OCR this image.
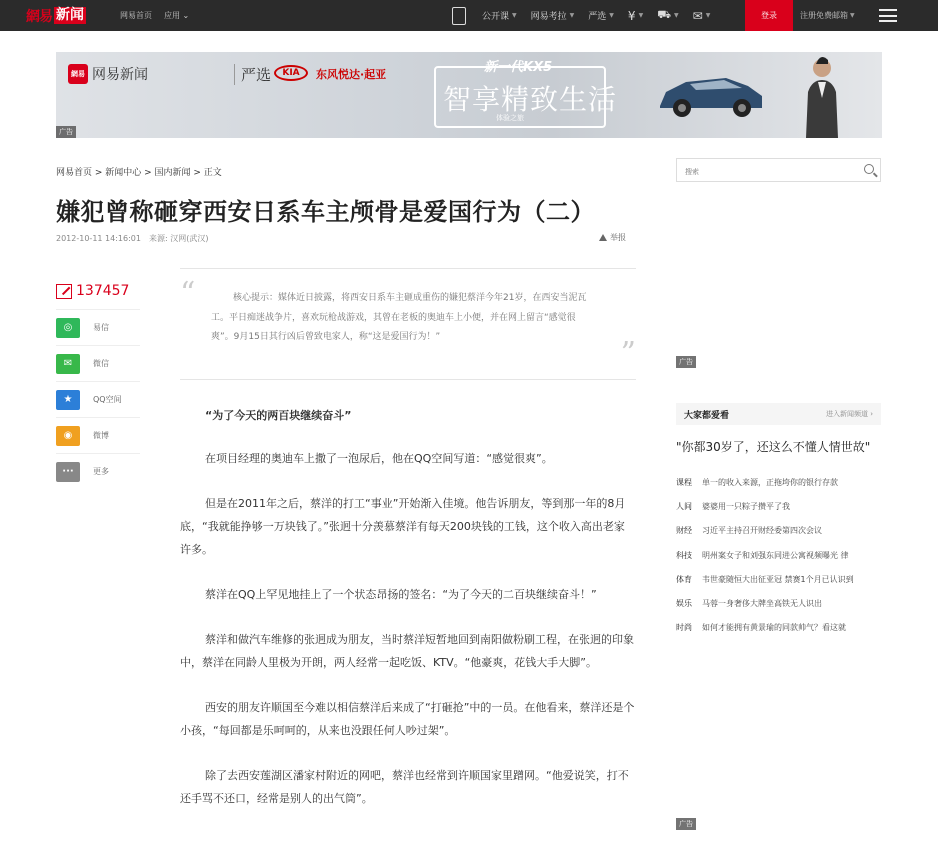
網易 新闻	网易首页 应用 ⌄	公开课 ▼ 网易考拉 ▼ 严选 ▼ ¥ ▼ ⛟ ▼ ✉ ▼	登录	注册免费邮箱 ▼
網易 网易新闻	严选	KIA	东风悦达·起亚	新一代KX5
智享精致生活
体验之旅
广告
网易首页 > 新闻中心 > 国内新闻 > 正文
嫌犯曾称砸穿西安日系车主颅骨是爱国行为（二）
2012-10-11 14:16:01　来源: 汉网(武汉)	举报
搜索
137457
◎	易信
✉	微信
★	QQ空间
◉	微博
···	更多
“	核心提示：媒体近日披露，将西安日系车主砸成重伤的嫌犯蔡洋今年21岁，在西安当泥瓦工。平日痴迷战争片，喜欢玩枪战游戏，其曾在老板的奥迪车上小便，并在网上留言“感觉很爽”。9月15日其行凶后曾致电家人，称“这是爱国行为！”	”

“为了今天的两百块继续奋斗”

在项目经理的奥迪车上撒了一泡尿后，他在QQ空间写道：“感觉很爽”。

但是在2011年之后，蔡洋的打工“事业”开始渐入佳境。他告诉朋友，等到那一年的8月底，“我就能挣够一万块钱了。”张迥十分羡慕蔡洋有每天200块钱的工钱，这个收入高出老家许多。

蔡洋在QQ上罕见地挂上了一个状态昂扬的签名：“为了今天的二百块继续奋斗！”

蔡洋和做汽车维修的张迥成为朋友，当时蔡洋短暂地回到南阳做粉刷工程，在张迥的印象中，蔡洋在同龄人里极为开朗，两人经常一起吃饭、KTV。“他豪爽，花钱大手大脚”。

西安的朋友许顺国至今难以相信蔡洋后来成了“打砸抢”中的一员。在他看来，蔡洋还是个小孩，“每回都是乐呵呵的，从来也没跟任何人吵过架”。

除了去西安莲湖区潘家村附近的网吧，蔡洋也经常到许顺国家里蹭网。“他爱说笑，打不还手骂不还口，经常是别人的出气筒”。

广告
大家都爱看	进入新闻频道 ›
"你都30岁了，还这么不懂人情世故"
课程	单一的收入来源，正拖垮你的银行存款
人间	婆婆用一只粽子攒平了我
财经	习近平主持召开财经委第四次会议
科技	明州案女子和刘强东同进公寓视频曝光 律
体育	韦世豪随恒大出征亚冠 禁赛1个月已认识到
娱乐	马蓉一身奢侈大牌坐高铁无人识出
时尚	如何才能拥有黄景瑜的同款帅气？看这就
广告
